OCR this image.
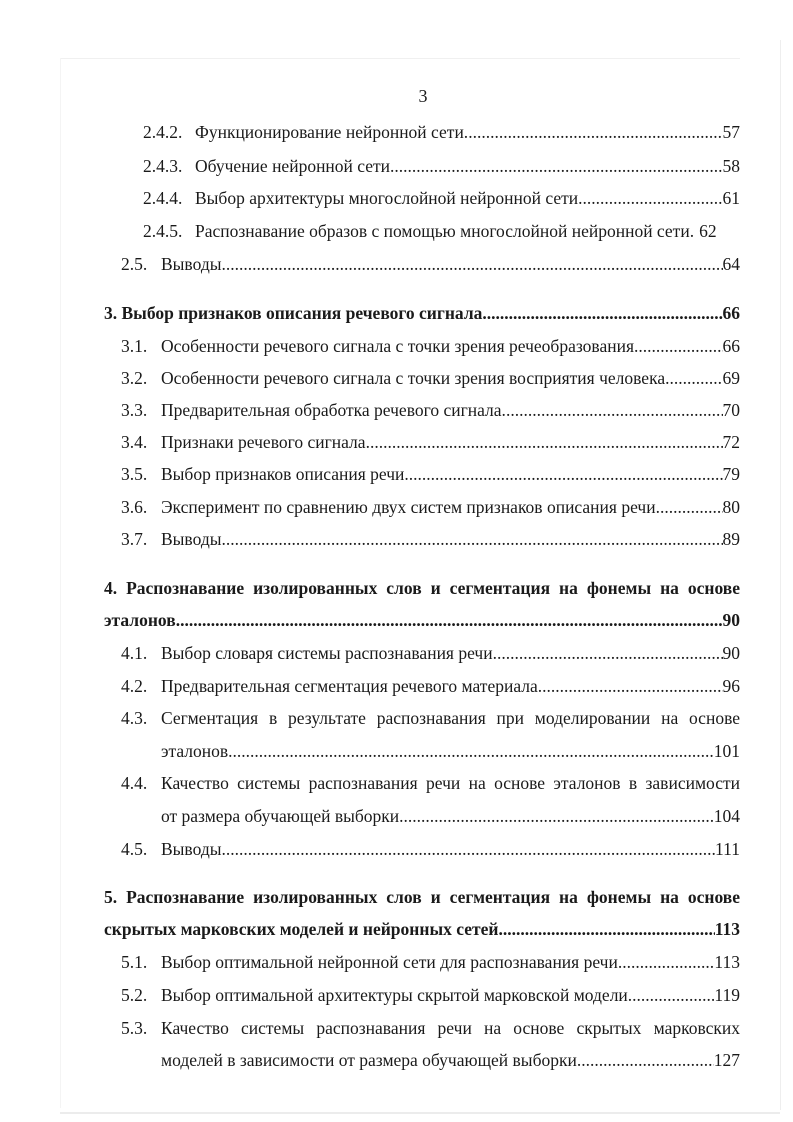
3
2.4.2. Функционирование нейронной сети. .....	57
2.4.3. Обучение нейронной сети. .....	58
2.4.4. Выбор архитектуры многослойной нейронной сети. .....	61
2.4.5. Распознавание образов с помощью многослойной нейронной сети. 62
2.5. Выводы .....	64
3. Выбор признаков описания речевого сигнала .....	66
3.1. Особенности речевого сигнала с точки зрения речеобразования. .....	66
3.2. Особенности речевого сигнала с точки зрения восприятия человека. .....	69
3.3. Предварительная обработка речевого сигнала. .....	70
3.4. Признаки речевого сигнала .....	72
3.5. Выбор признаков описания речи .....	79
3.6. Эксперимент по сравнению двух систем признаков описания речи. .....	80
3.7. Выводы .....	89
4. Распознавание изолированных слов и сегментация на фонемы на основе
эталонов .....	90
4.1. Выбор словаря системы распознавания речи. .....	90
4.2. Предварительная сегментация речевого материала. .....	96
4.3. Сегментация в результате распознавания при моделировании на основе
эталонов. .....	101
4.4. Качество системы распознавания речи на основе эталонов в зависимости
от размера обучающей выборки. .....	104
4.5. Выводы .....	111
5. Распознавание изолированных слов и сегментация на фонемы на основе
скрытых марковских моделей и нейронных сетей .....	113
5.1. Выбор оптимальной нейронной сети для распознавания речи .....	113
5.2. Выбор оптимальной архитектуры скрытой марковской модели .....	119
5.3. Качество системы распознавания речи на основе скрытых марковских
моделей в зависимости от размера обучающей выборки. .....	127
